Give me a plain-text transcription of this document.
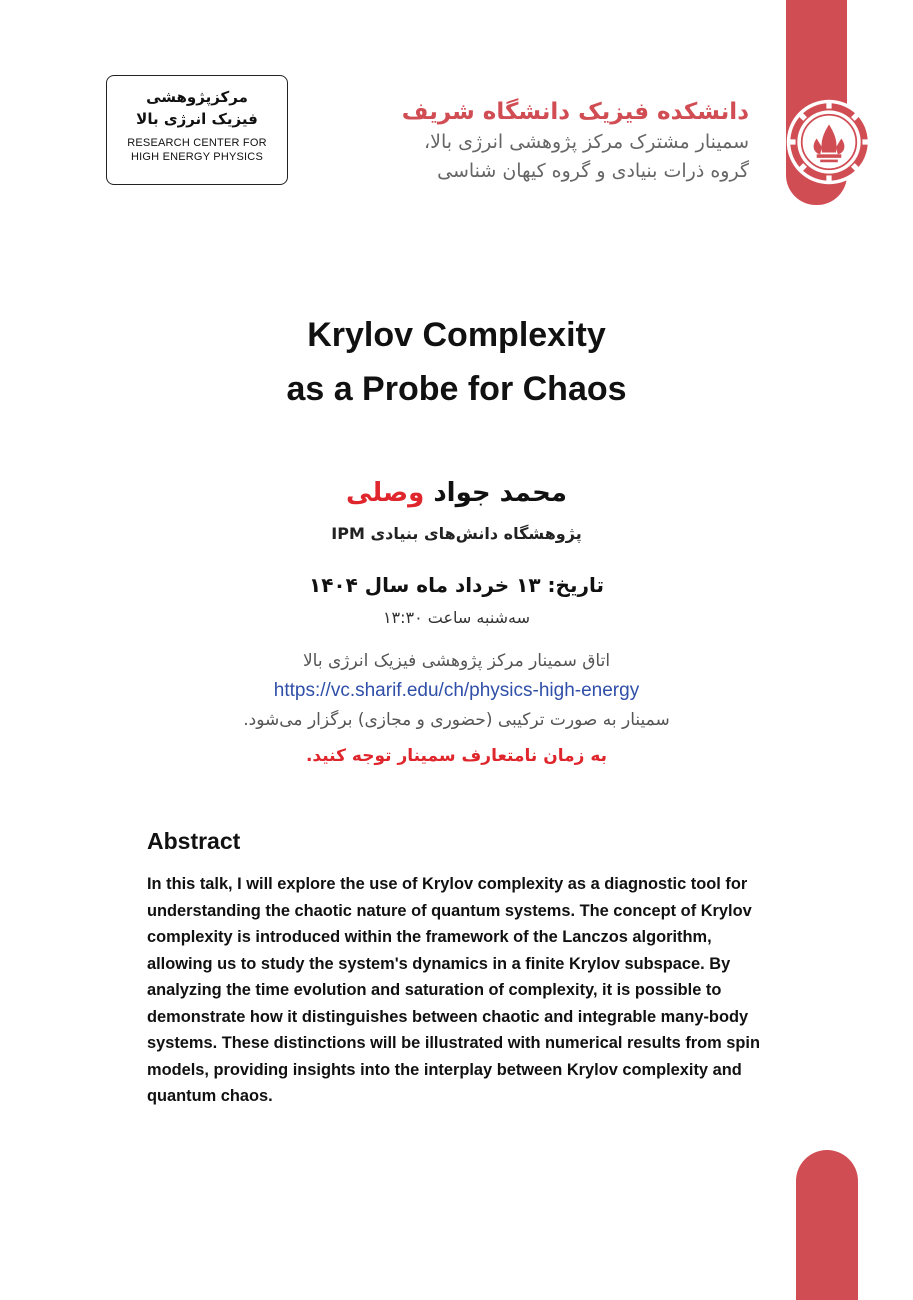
مرکزپژوهشی
فیزیک انرژی بالا
RESEARCH CENTER FOR
HIGH ENERGY PHYSICS
دانشکده فیزیک دانشگاه شریف
سمینار مشترک مرکز پژوهشی انرژی بالا،
گروه ذرات بنیادی و گروه کیهان شناسی
Krylov Complexity
as a Probe for Chaos
محمد جواد وصلی
پژوهشگاه دانش‌های بنیادی IPM
تاریخ: ۱۳ خرداد ماه سال ۱۴۰۴
سه‌شنبه ساعت ۱۳:۳۰
اتاق سمینار مرکز پژوهشی فیزیک انرژی بالا
https://vc.sharif.edu/ch/physics-high-energy
سمینار به صورت ترکیبی (حضوری و مجازی) برگزار می‌شود.
به زمان نامتعارف سمینار توجه کنید.
Abstract
In this talk, I will explore the use of Krylov complexity as a diagnostic tool for understanding the chaotic nature of quantum systems. The concept of Krylov complexity is introduced within the framework of the Lanczos algorithm, allowing us to study the system's dynamics in a finite Krylov subspace. By analyzing the time evolution and saturation of complexity, it is possible to demonstrate how it distinguishes between chaotic and integrable many-body systems. These distinctions will be illustrated with numerical results from spin models, providing insights into the interplay between Krylov complexity and quantum chaos.
